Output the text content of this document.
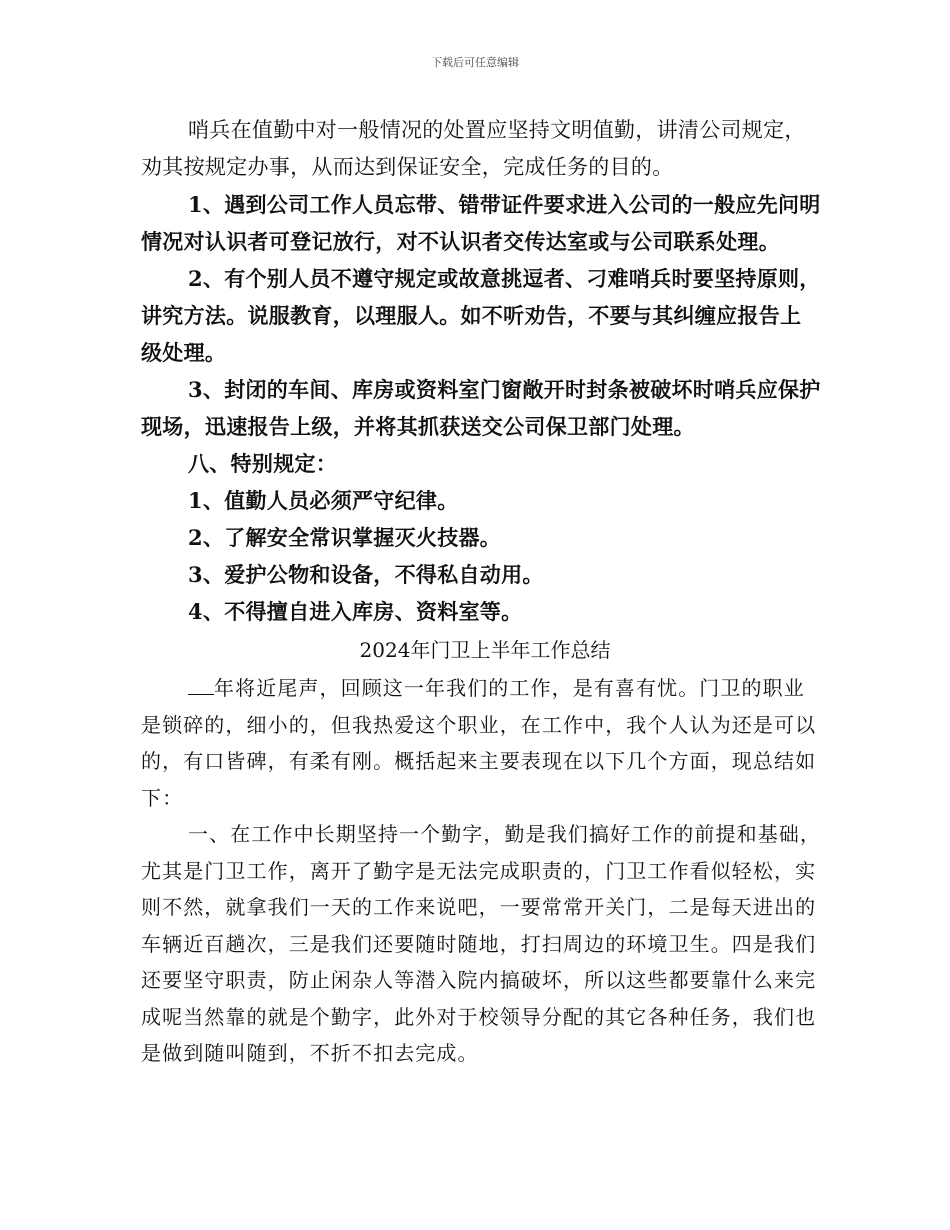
下载后可任意编辑

哨兵在值勤中对一般情况的处置应坚持文明值勤，讲清公司规定，劝其按规定办事，从而达到保证安全，完成任务的目的。

1、遇到公司工作人员忘带、错带证件要求进入公司的一般应先问明情况对认识者可登记放行，对不认识者交传达室或与公司联系处理。

2、有个别人员不遵守规定或故意挑逗者、刁难哨兵时要坚持原则，讲究方法。说服教育，以理服人。如不听劝告，不要与其纠缠应报告上级处理。

3、封闭的车间、库房或资料室门窗敞开时封条被破坏时哨兵应保护现场，迅速报告上级，并将其抓获送交公司保卫部门处理。

八、特别规定：

1、值勤人员必须严守纪律。

2、了解安全常识掌握灭火技器。

3、爱护公物和设备，不得私自动用。

4、不得擅自进入库房、资料室等。

2024年门卫上半年工作总结

年将近尾声，回顾这一年我们的工作，是有喜有忧。门卫的职业是锁碎的，细小的，但我热爱这个职业，在工作中，我个人认为还是可以的，有口皆碑，有柔有刚。概括起来主要表现在以下几个方面，现总结如下：

一、在工作中长期坚持一个勤字，勤是我们搞好工作的前提和基础，尤其是门卫工作，离开了勤字是无法完成职责的，门卫工作看似轻松，实则不然，就拿我们一天的工作来说吧，一要常常开关门，二是每天进出的车辆近百趟次，三是我们还要随时随地，打扫周边的环境卫生。四是我们还要坚守职责，防止闲杂人等潜入院内搞破坏，所以这些都要靠什么来完成呢当然靠的就是个勤字，此外对于校领导分配的其它各种任务，我们也是做到随叫随到，不折不扣去完成。
